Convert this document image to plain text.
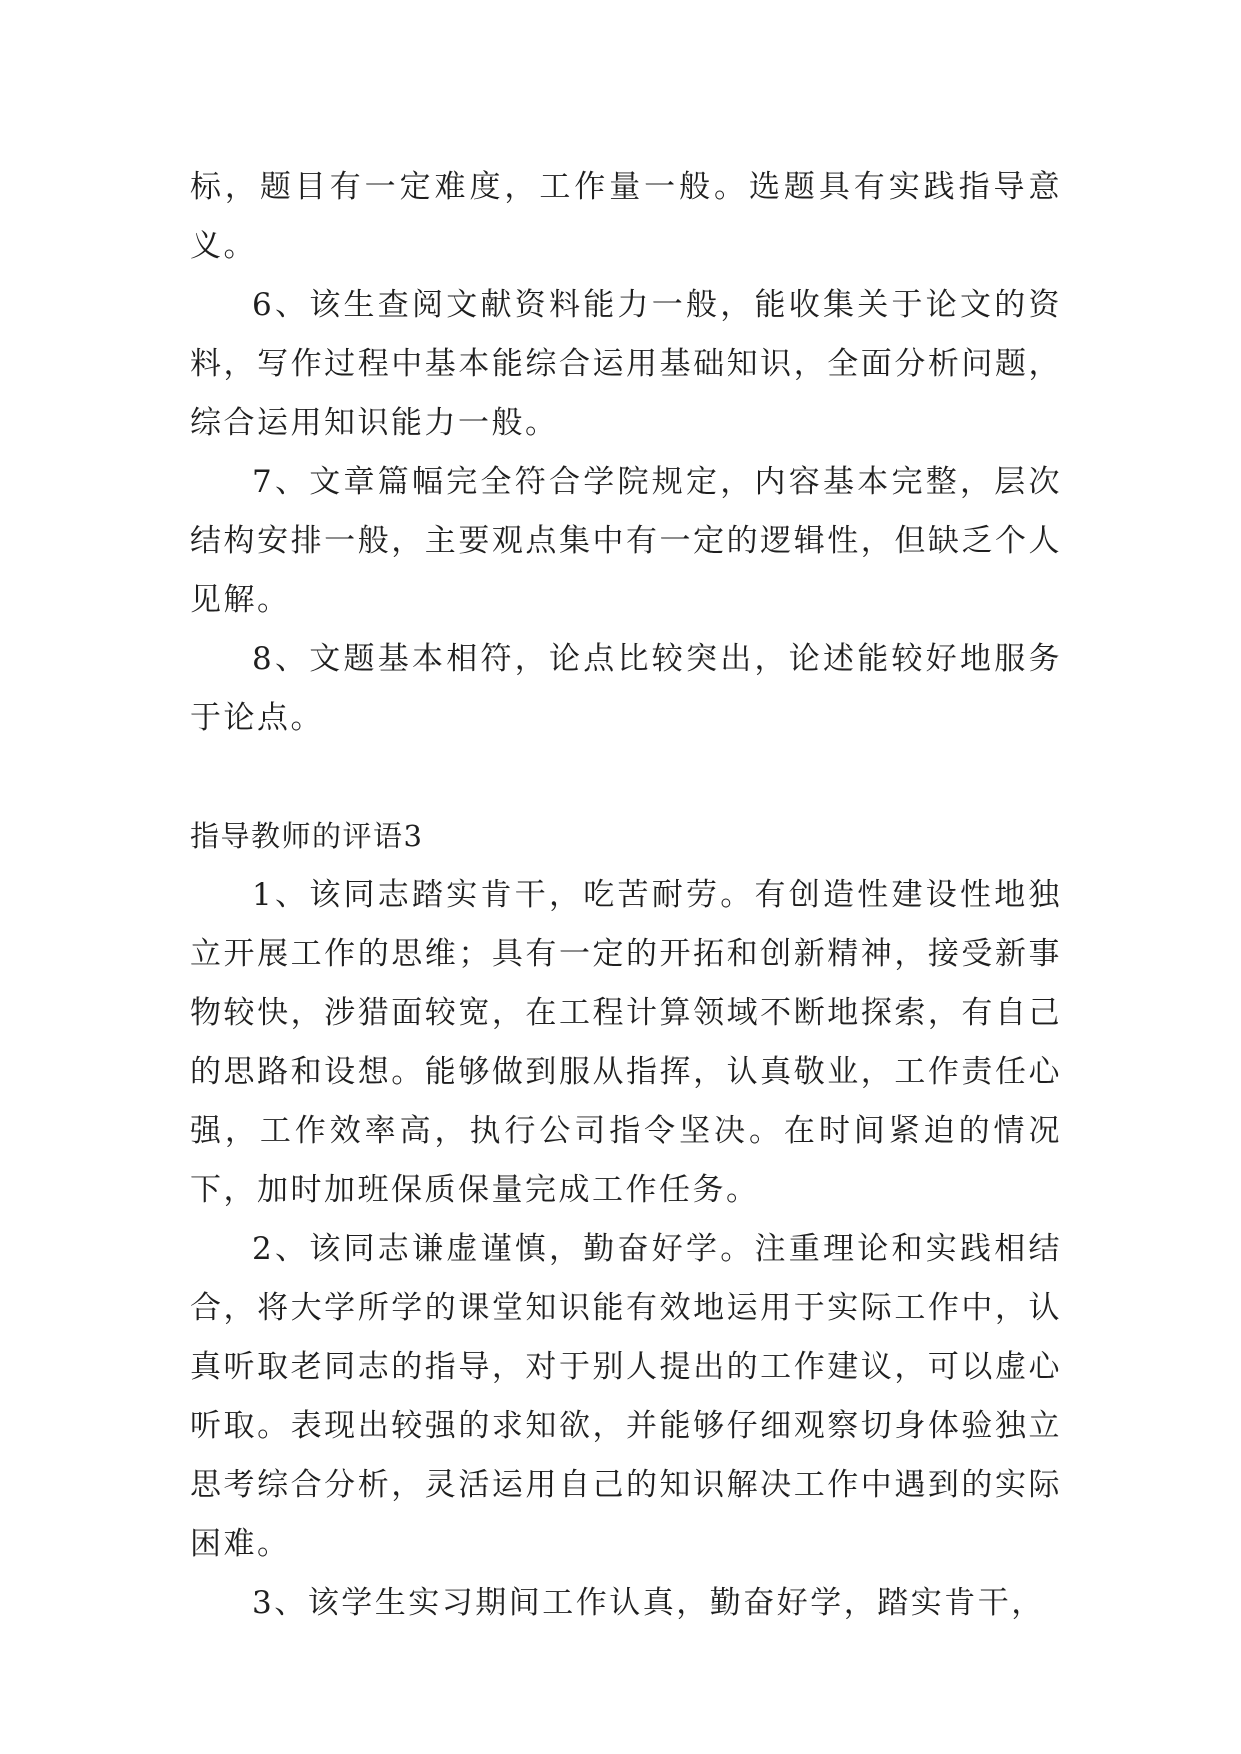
标，题目有一定难度，工作量一般。选题具有实践指导意义。

6、该生查阅文献资料能力一般，能收集关于论文的资料，写作过程中基本能综合运用基础知识，全面分析问题，综合运用知识能力一般。

7、文章篇幅完全符合学院规定，内容基本完整，层次结构安排一般，主要观点集中有一定的逻辑性，但缺乏个人见解。

8、文题基本相符，论点比较突出，论述能较好地服务于论点。

指导教师的评语3

1、该同志踏实肯干，吃苦耐劳。有创造性建设性地独立开展工作的思维；具有一定的开拓和创新精神，接受新事物较快，涉猎面较宽，在工程计算领域不断地探索，有自己的思路和设想。能够做到服从指挥，认真敬业，工作责任心强，工作效率高，执行公司指令坚决。在时间紧迫的情况下，加时加班保质保量完成工作任务。

2、该同志谦虚谨慎，勤奋好学。注重理论和实践相结合，将大学所学的课堂知识能有效地运用于实际工作中，认真听取老同志的指导，对于别人提出的工作建议，可以虚心听取。表现出较强的求知欲，并能够仔细观察切身体验独立思考综合分析，灵活运用自己的知识解决工作中遇到的实际困难。

3、该学生实习期间工作认真，勤奋好学，踏实肯干，
